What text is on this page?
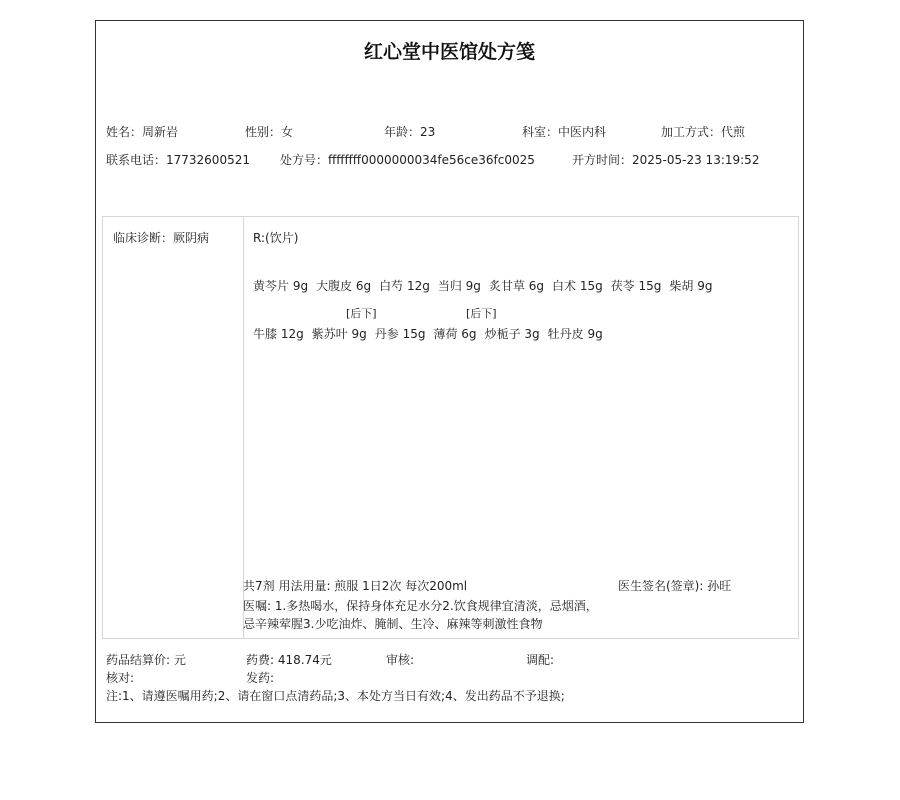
红心堂中医馆处方笺
姓名：周新岩	性别：女	年龄：23	科室：中医内科	加工方式：代煎
联系电话：17732600521	处方号：ffffffff0000000034fe56ce36fc0025	开方时间：2025-05-23 13:19:52
临床诊断：厥阴病	R:(饮片)
黄芩片 9g 大腹皮 6g 白芍 12g 当归 9g 炙甘草 6g 白术 15g 茯苓 15g 柴胡 9g
[后下]	[后下]
牛膝 12g 紫苏叶 9g 丹参 15g 薄荷 6g 炒栀子 3g 牡丹皮 9g
共7剂 用法用量: 煎服 1日2次 每次200ml	医生签名(签章): 孙旺
医嘱: 1.多热喝水，保持身体充足水分2.饮食规律宜清淡，忌烟酒，忌辛辣荤腥3.少吃油炸、腌制、生冷、麻辣等刺激性食物
药品结算价: 元	药费: 418.74元	审核:	调配:
核对:	发药:
注:1、请遵医嘱用药;2、请在窗口点清药品;3、本处方当日有效;4、发出药品不予退换;
